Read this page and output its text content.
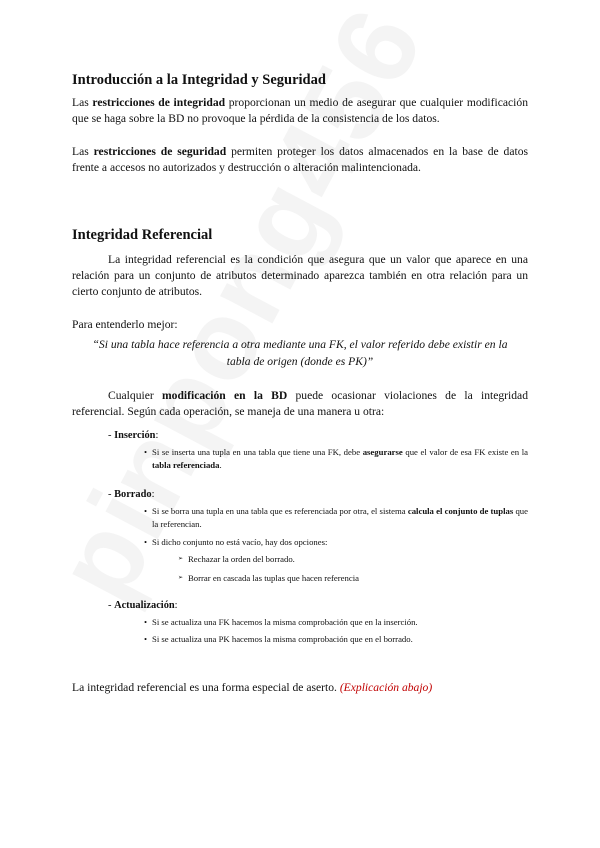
Introducción a la Integridad y Seguridad

Las restricciones de integridad proporcionan un medio de asegurar que cualquier modificación que se haga sobre la BD no provoque la pérdida de la consistencia de los datos.

Las restricciones de seguridad permiten proteger los datos almacenados en la base de datos frente a accesos no autorizados y destrucción o alteración malintencionada.

Integridad Referencial

La integridad referencial es la condición que asegura que un valor que aparece en una relación para un conjunto de atributos determinado aparezca también en otra relación para un cierto conjunto de atributos.

Para entenderlo mejor:

“Si una tabla hace referencia a otra mediante una FK, el valor referido debe existir en la tabla de origen (donde es PK)”

Cualquier modificación en la BD puede ocasionar violaciones de la integridad referencial. Según cada operación, se maneja de una manera u otra:

- Inserción:

• Si se inserta una tupla en una tabla que tiene una FK, debe asegurarse que el valor de esa FK existe en la tabla referenciada.

- Borrado:

• Si se borra una tupla en una tabla que es referenciada por otra, el sistema calcula el conjunto de tuplas que la referencian.
• Si dicho conjunto no está vacío, hay dos opciones:
➢ Rechazar la orden del borrado.
➢ Borrar en cascada las tuplas que hacen referencia

- Actualización:

• Si se actualiza una FK hacemos la misma comprobación que en la inserción.
• Si se actualiza una PK hacemos la misma comprobación que en el borrado.

La integridad referencial es una forma especial de aserto. (Explicación abajo)
